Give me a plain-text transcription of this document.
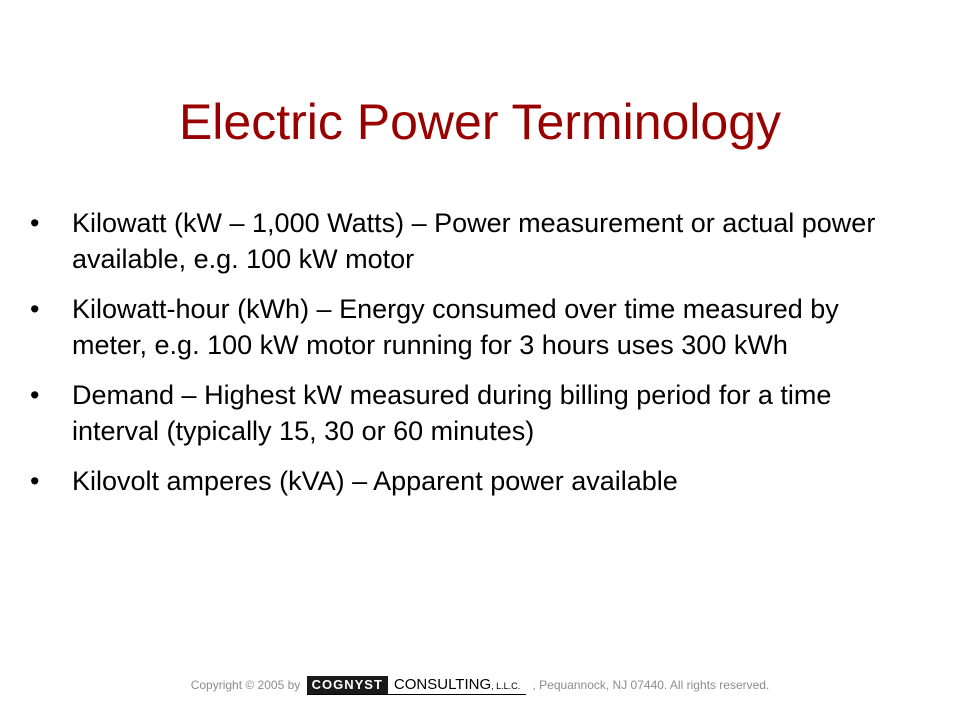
Electric Power Terminology
•	Kilowatt (kW – 1,000 Watts) – Power measurement or actual power available, e.g. 100 kW motor
•	Kilowatt-hour (kWh) – Energy consumed over time measured by meter, e.g. 100 kW motor running for 3 hours uses 300 kWh
•	Demand – Highest kW measured during billing period for a time interval (typically 15, 30 or 60 minutes)
•	Kilovolt amperes (kVA) – Apparent power available
Copyright © 2005 by COGNYST CONSULTING, L.L.C.	, Pequannock, NJ 07440. All rights reserved.
